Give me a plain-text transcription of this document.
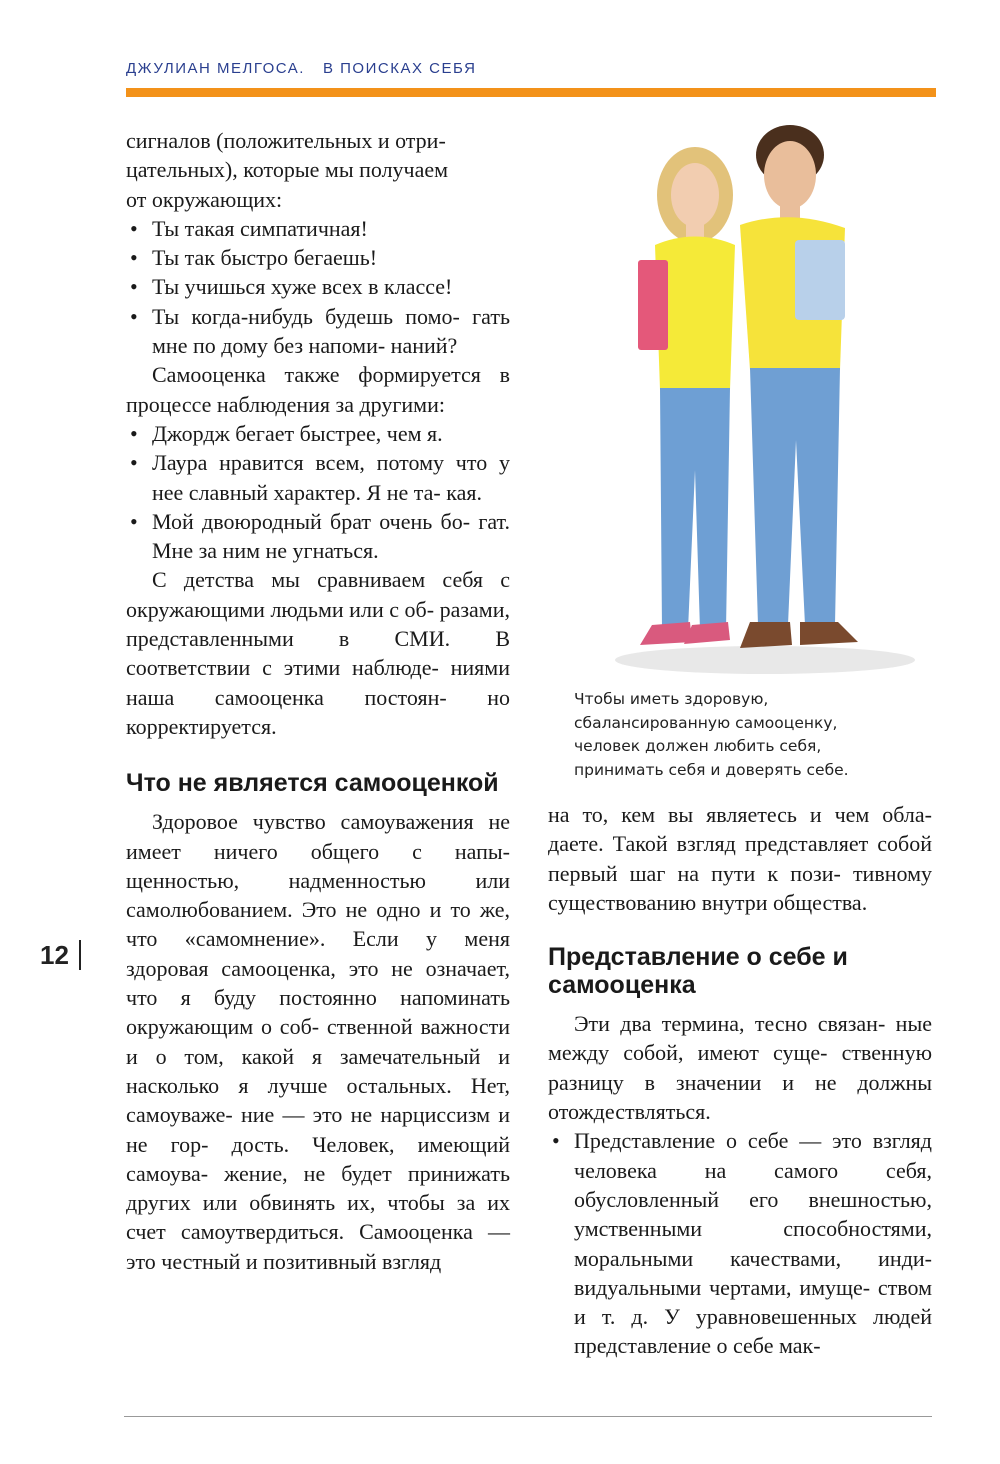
ДЖУЛИАН МЕЛГОСА. В ПОИСКАХ СЕБЯ

сигналов (положительных и отри-
цательных), которые мы получаем
от окружающих:

• Ты такая симпатичная!
• Ты так быстро бегаешь!
• Ты учишься хуже всех в классе!
• Ты когда-нибудь будешь помо- гать мне по дому без напоми- наний?

Самооценка также формируется в процессе наблюдения за другими:

• Джордж бегает быстрее, чем я.
• Лаура нравится всем, потому что у нее славный характер. Я не та- кая.
• Мой двоюродный брат очень бо- гат. Мне за ним не угнаться.

С детства мы сравниваем себя с окружающими людьми или с об- разами, представленными в СМИ. В соответствии с этими наблюде- ниями наша самооценка постоян- но корректируется.

Что не является самооценкой

Здоровое чувство самоуважения не имеет ничего общего с напы- щенностью, надменностью или самолюбованием. Это не одно и то же, что «самомнение». Если у меня здоровая самооценка, это не означает, что я буду постоянно напоминать окружающим о соб- ственной важности и о том, какой я замечательный и насколько я лучше остальных. Нет, самоуваже- ние — это не нарциссизм и не гор- дость. Человек, имеющий самоува- жение, не будет принижать других или обвинять их, чтобы за их счет самоутвердиться. Самооценка — это честный и позитивный взгляд

12

Чтобы иметь здоровую,

сбалансированную самооценку,

человек должен любить себя,

принимать себя и доверять себе.

на то, кем вы являетесь и чем обла- даете. Такой взгляд представляет собой первый шаг на пути к пози- тивному существованию внутри общества.

Представление о себе и самооценка

Эти два термина, тесно связан- ные между собой, имеют суще- ственную разницу в значении и не должны отождествляться.

• Представление о себе — это взгляд человека на самого себя, обусловленный его внешностью, умственными способностями, моральными качествами, инди- видуальными чертами, имуще- ством и т. д. У уравновешенных людей представление о себе мак-
